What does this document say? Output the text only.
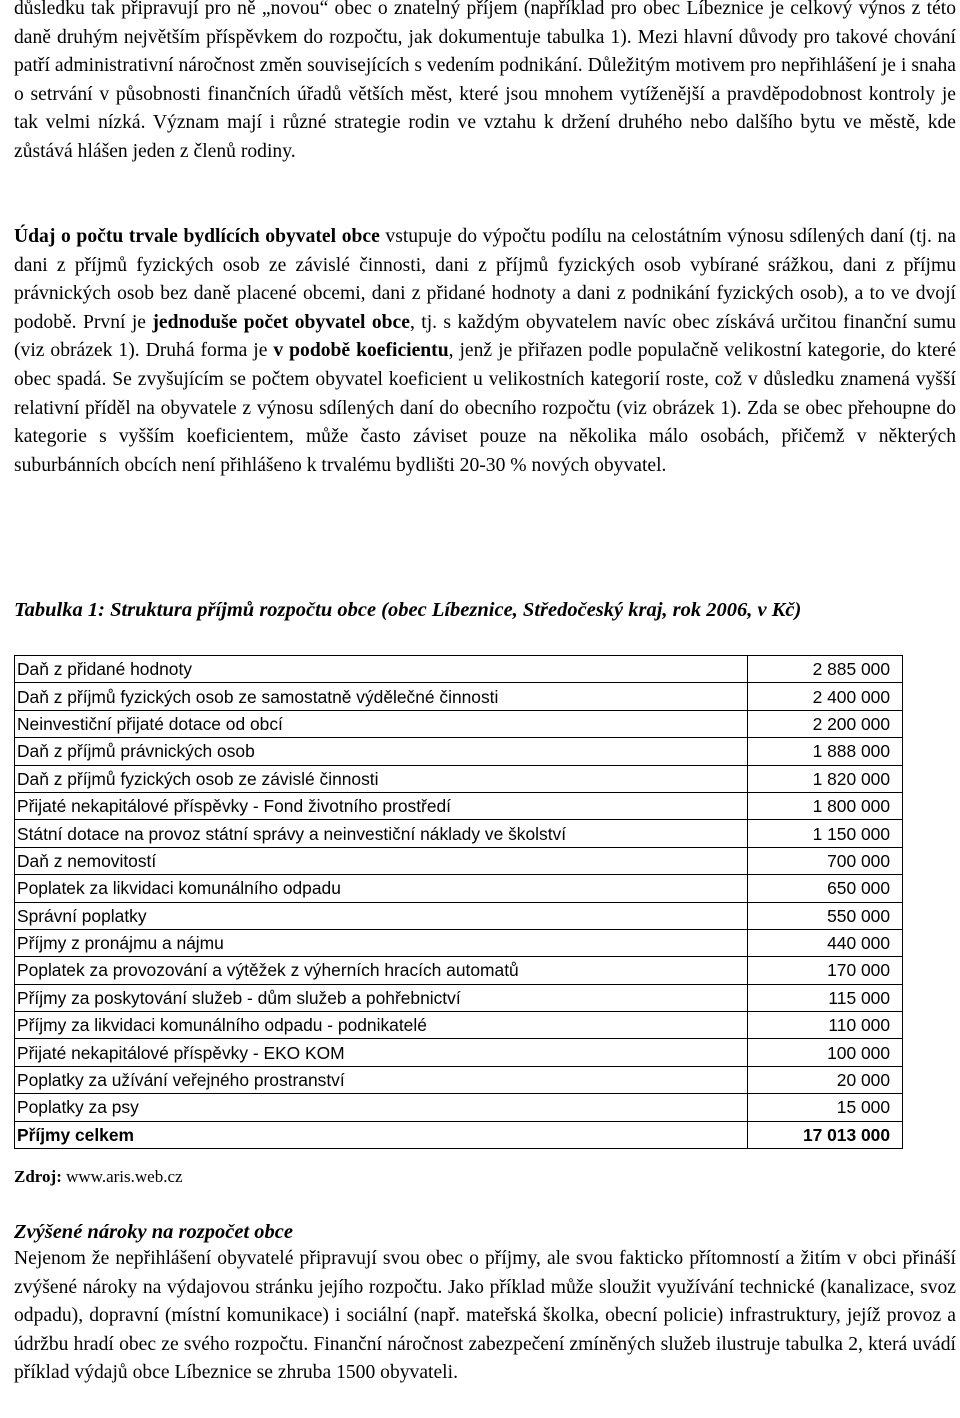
důsledku tak připravují pro ně „novou“ obec o znatelný příjem (například pro obec Líbeznice je celkový výnos z této daně druhým největším příspěvkem do rozpočtu, jak dokumentuje tabulka 1). Mezi hlavní důvody pro takové chování patří administrativní náročnost změn souvisejících s vedením podnikání. Důležitým motivem pro nepřihlášení je i snaha o setrvání v působnosti finančních úřadů větších měst, které jsou mnohem vytíženější a pravděpodobnost kontroly je tak velmi nízká. Význam mají i různé strategie rodin ve vztahu k držení druhého nebo dalšího bytu ve městě, kde zůstává hlášen jeden z členů rodiny.

Údaj o počtu trvale bydlících obyvatel obce vstupuje do výpočtu podílu na celostátním výnosu sdílených daní (tj. na dani z příjmů fyzických osob ze závislé činnosti, dani z příjmů fyzických osob vybírané srážkou, dani z příjmu právnických osob bez daně placené obcemi, dani z přidané hodnoty a dani z podnikání fyzických osob), a to ve dvojí podobě. První je jednoduše počet obyvatel obce, tj. s každým obyvatelem navíc obec získává určitou finanční sumu (viz obrázek 1). Druhá forma je v podobě koeficientu, jenž je přiřazen podle populačně velikostní kategorie, do které obec spadá. Se zvyšujícím se počtem obyvatel koeficient u velikostních kategorií roste, což v důsledku znamená vyšší relativní příděl na obyvatele z výnosu sdílených daní do obecního rozpočtu (viz obrázek 1). Zda se obec přehoupne do kategorie s vyšším koeficientem, může často záviset pouze na několika málo osobách, přičemž v některých suburbánních obcích není přihlášeno k trvalému bydlišti 20-30 % nových obyvatel.

Tabulka 1: Struktura příjmů rozpočtu obce (obec Líbeznice, Středočeský kraj, rok 2006, v Kč)

Daň z přidané hodnoty	2 885 000
Daň z příjmů fyzických osob ze samostatně výdělečné činnosti	2 400 000
Neinvestiční přijaté dotace od obcí	2 200 000
Daň z příjmů právnických osob	1 888 000
Daň z příjmů fyzických osob ze závislé činnosti	1 820 000
Přijaté nekapitálové příspěvky - Fond životního prostředí	1 800 000
Státní dotace na provoz státní správy a neinvestiční náklady ve školství	1 150 000
Daň z nemovitostí	700 000
Poplatek za likvidaci komunálního odpadu	650 000
Správní poplatky	550 000
Příjmy z pronájmu a nájmu	440 000
Poplatek za provozování a výtěžek z výherních hracích automatů	170 000
Příjmy za poskytování služeb - dům služeb a pohřebnictví	115 000
Příjmy za likvidaci komunálního odpadu - podnikatelé	110 000
Přijaté nekapitálové příspěvky - EKO KOM	100 000
Poplatky za užívání veřejného prostranství	20 000
Poplatky za psy	15 000
Příjmy celkem	17 013 000

Zdroj: www.aris.web.cz

Zvýšené nároky na rozpočet obce

Nejenom že nepřihlášení obyvatelé připravují svou obec o příjmy, ale svou fakticko přítomností a žitím v obci přináší zvýšené nároky na výdajovou stránku jejího rozpočtu. Jako příklad může sloužit využívání technické (kanalizace, svoz odpadu), dopravní (místní komunikace) i sociální (např. mateřská školka, obecní policie) infrastruktury, jejíž provoz a údržbu hradí obec ze svého rozpočtu. Finanční náročnost zabezpečení zmíněných služeb ilustruje tabulka 2, která uvádí příklad výdajů obce Líbeznice se zhruba 1500 obyvateli.
